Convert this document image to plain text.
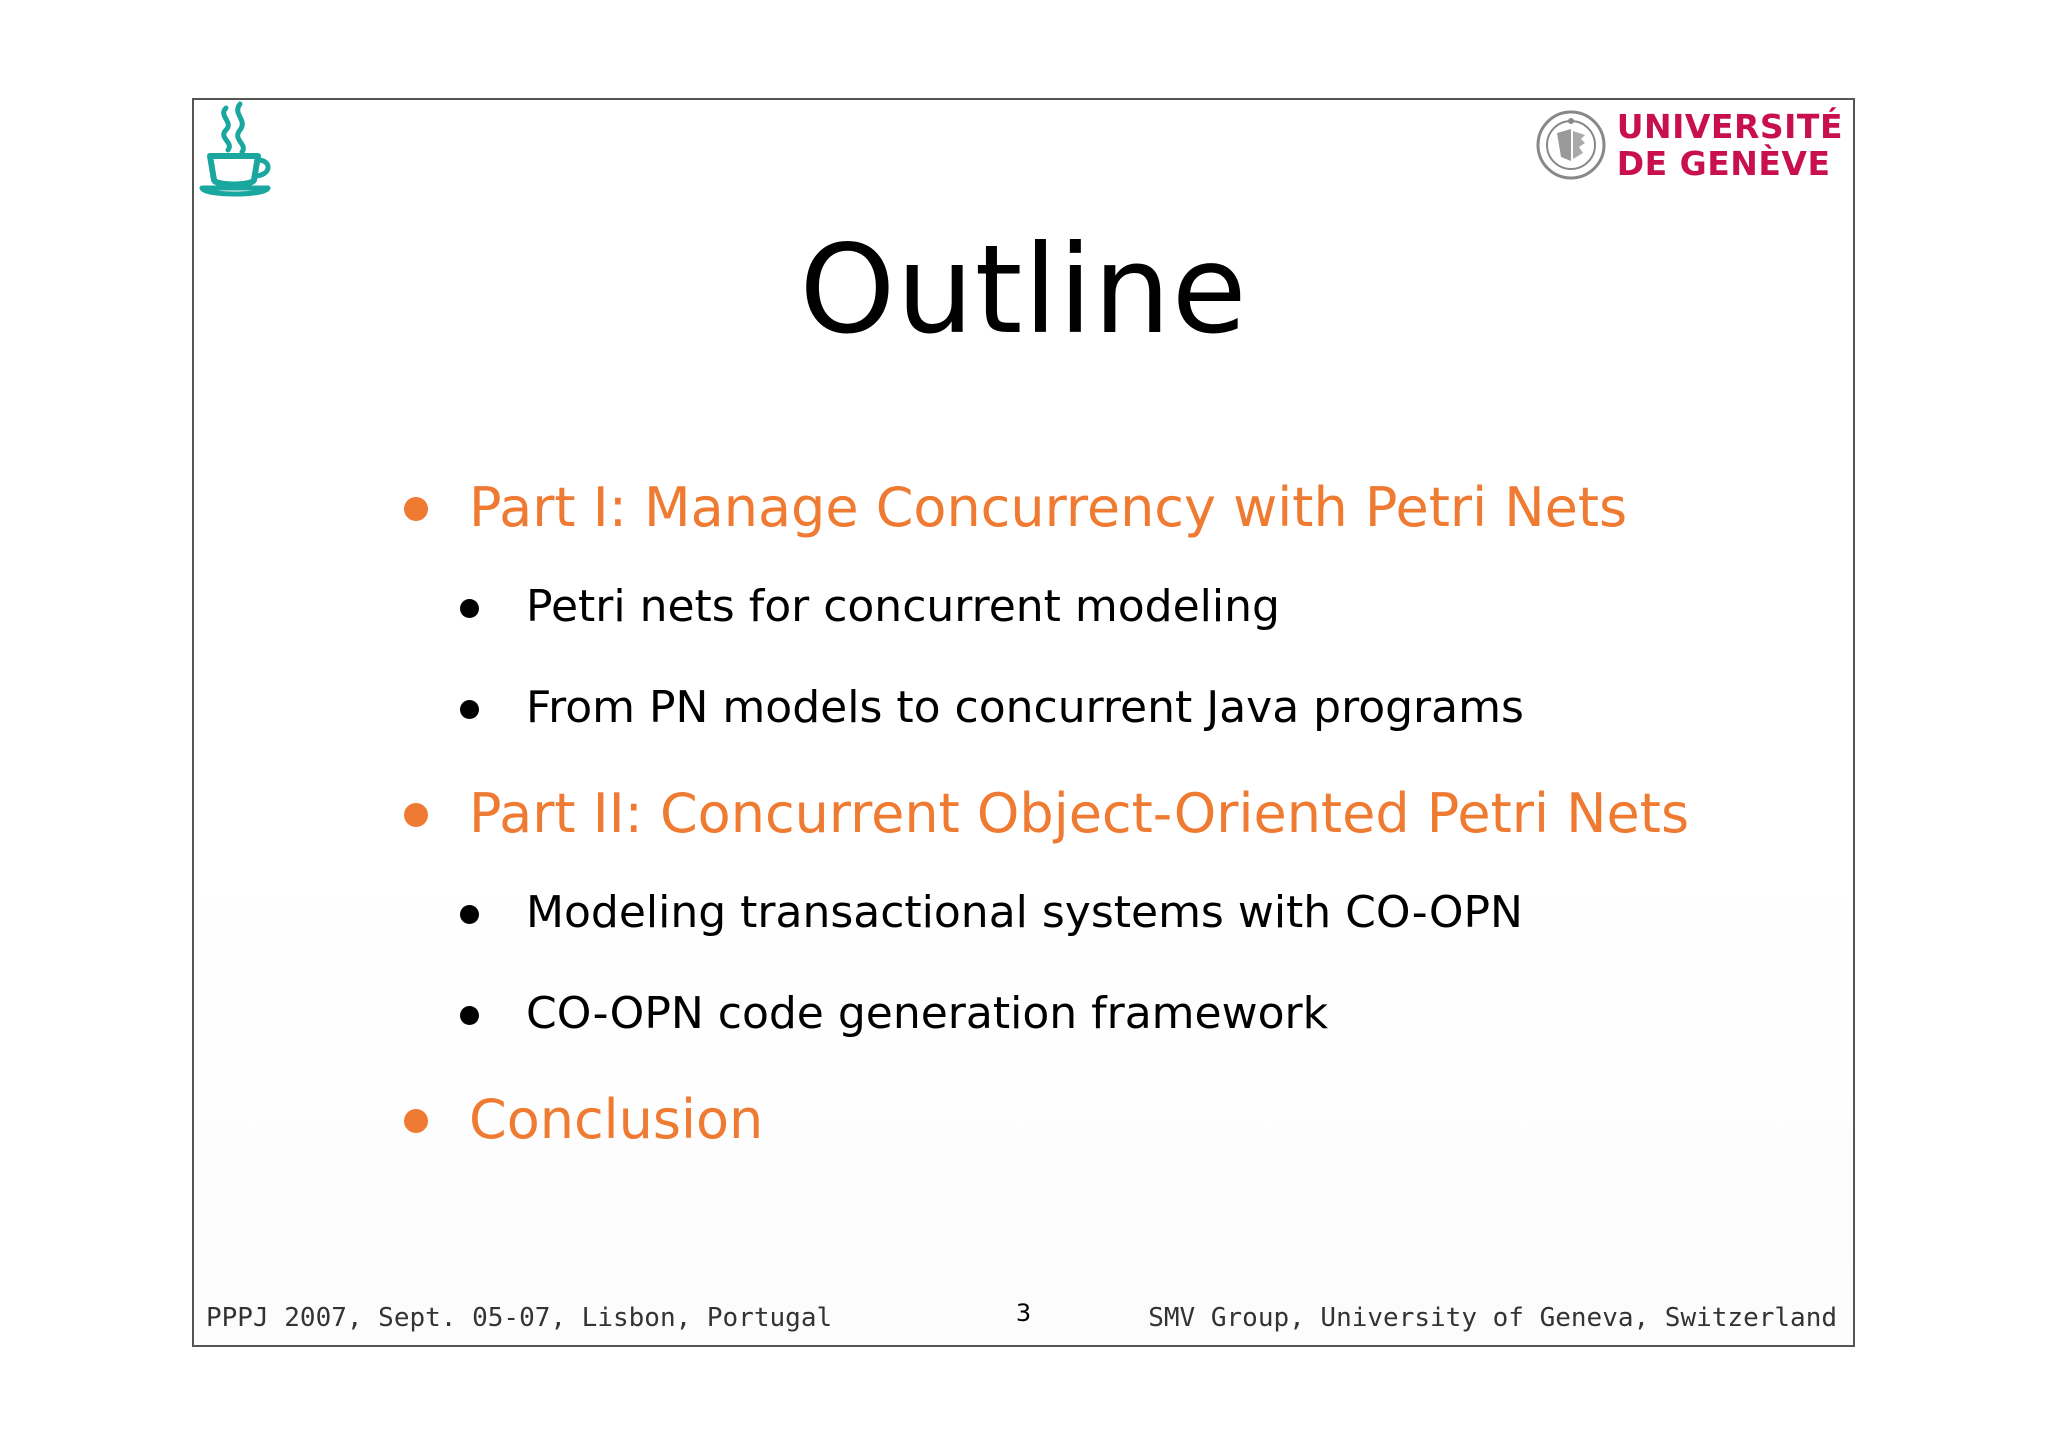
UNIVERSITÉ
DE GENÈVE
Outline
Part I: Manage Concurrency with Petri Nets
Petri nets for concurrent modeling
From PN models to concurrent Java programs
Part II: Concurrent Object-Oriented Petri Nets
Modeling transactional systems with CO-OPN
CO-OPN code generation framework
Conclusion
PPPJ 2007, Sept. 05-07, Lisbon, Portugal	3	SMV Group, University of Geneva, Switzerland
